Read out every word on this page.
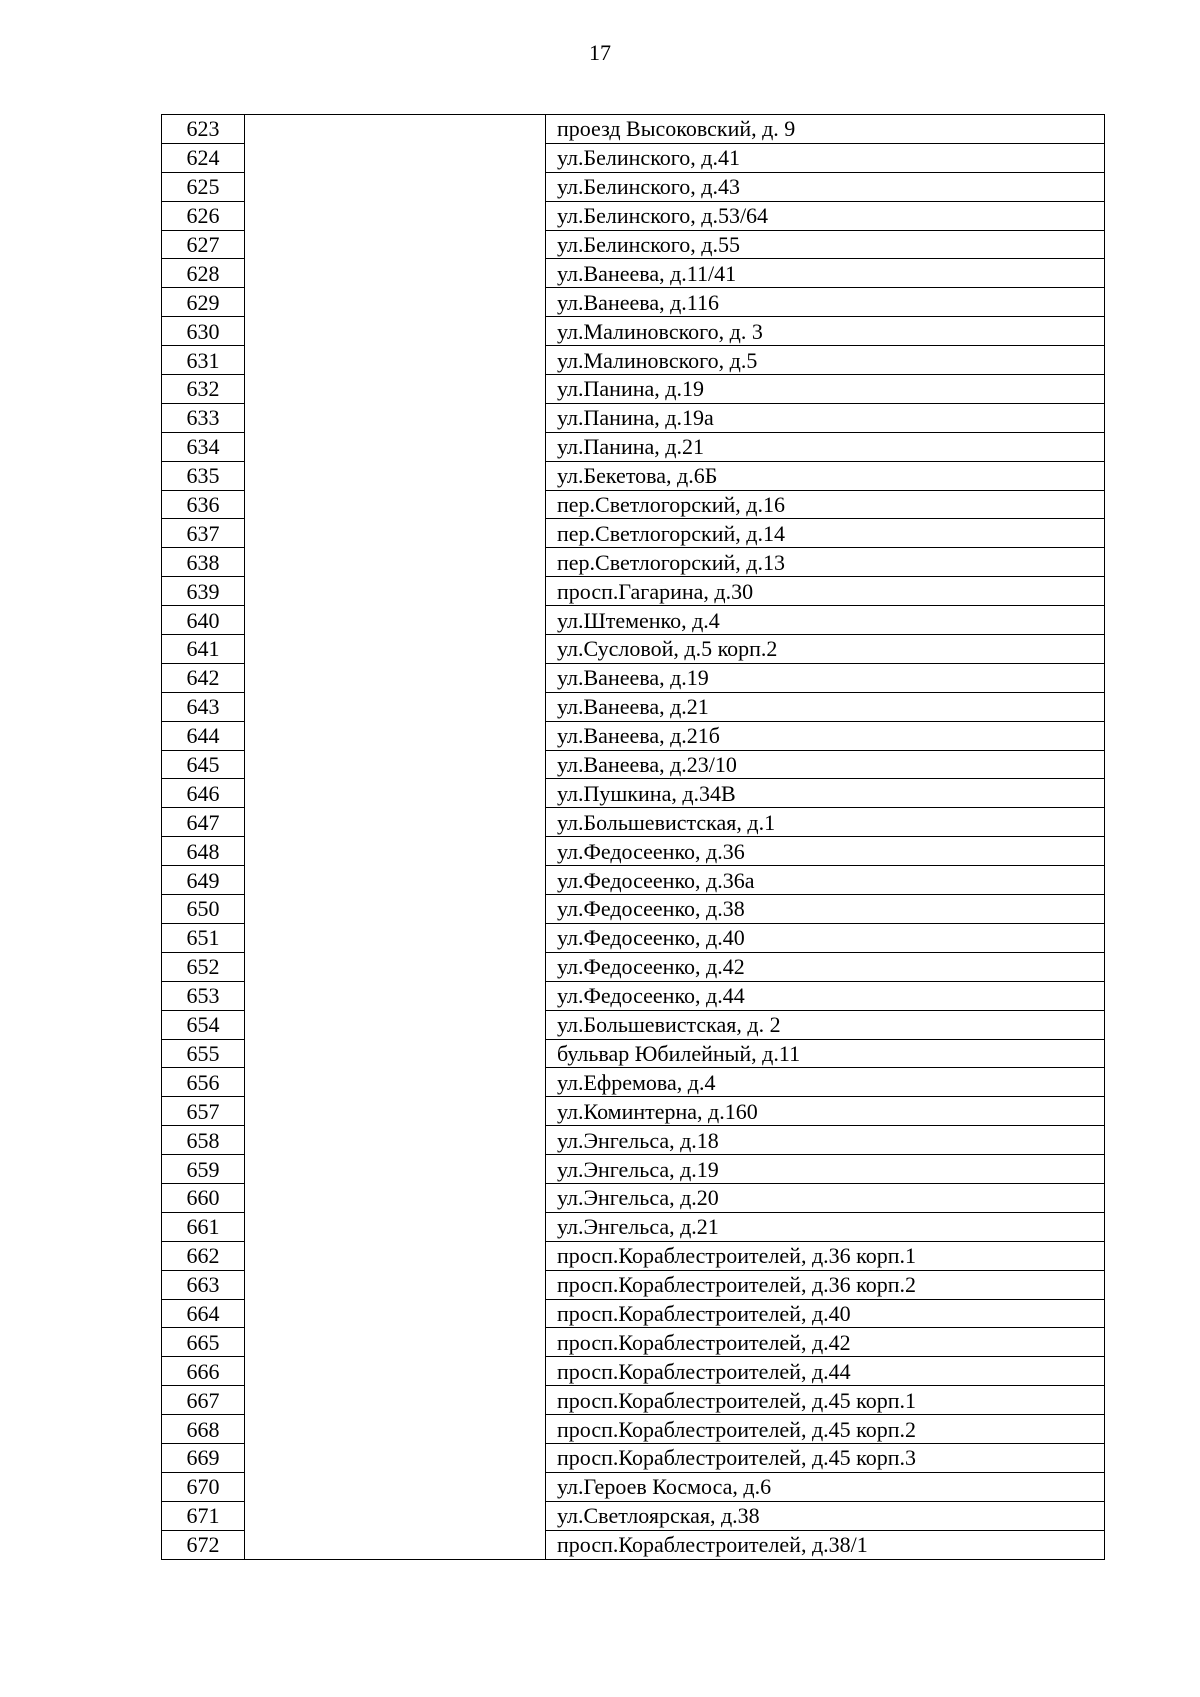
17
623		проезд Высоковский, д. 9
624		ул.Белинского, д.41
625		ул.Белинского, д.43
626		ул.Белинского, д.53/64
627		ул.Белинского, д.55
628		ул.Ванеева, д.11/41
629		ул.Ванеева, д.116
630		ул.Малиновского, д. 3
631		ул.Малиновского, д.5
632		ул.Панина, д.19
633		ул.Панина, д.19а
634		ул.Панина, д.21
635		ул.Бекетова, д.6Б
636		пер.Светлогорский, д.16
637		пер.Светлогорский, д.14
638		пер.Светлогорский, д.13
639		просп.Гагарина, д.30
640		ул.Штеменко, д.4
641		ул.Сусловой, д.5 корп.2
642		ул.Ванеева, д.19
643		ул.Ванеева, д.21
644		ул.Ванеева, д.21б
645		ул.Ванеева, д.23/10
646		ул.Пушкина, д.34В
647		ул.Большевистская, д.1
648		ул.Федосеенко, д.36
649		ул.Федосеенко, д.36а
650		ул.Федосеенко, д.38
651		ул.Федосеенко, д.40
652		ул.Федосеенко, д.42
653		ул.Федосеенко, д.44
654		ул.Большевистская, д. 2
655		бульвар Юбилейный, д.11
656		ул.Ефремова, д.4
657		ул.Коминтерна, д.160
658		ул.Энгельса, д.18
659		ул.Энгельса, д.19
660		ул.Энгельса, д.20
661		ул.Энгельса, д.21
662		просп.Кораблестроителей, д.36 корп.1
663		просп.Кораблестроителей, д.36 корп.2
664		просп.Кораблестроителей, д.40
665		просп.Кораблестроителей, д.42
666		просп.Кораблестроителей, д.44
667		просп.Кораблестроителей, д.45 корп.1
668		просп.Кораблестроителей, д.45 корп.2
669		просп.Кораблестроителей, д.45 корп.3
670		ул.Героев Космоса, д.6
671		ул.Светлоярская, д.38
672		просп.Кораблестроителей, д.38/1
